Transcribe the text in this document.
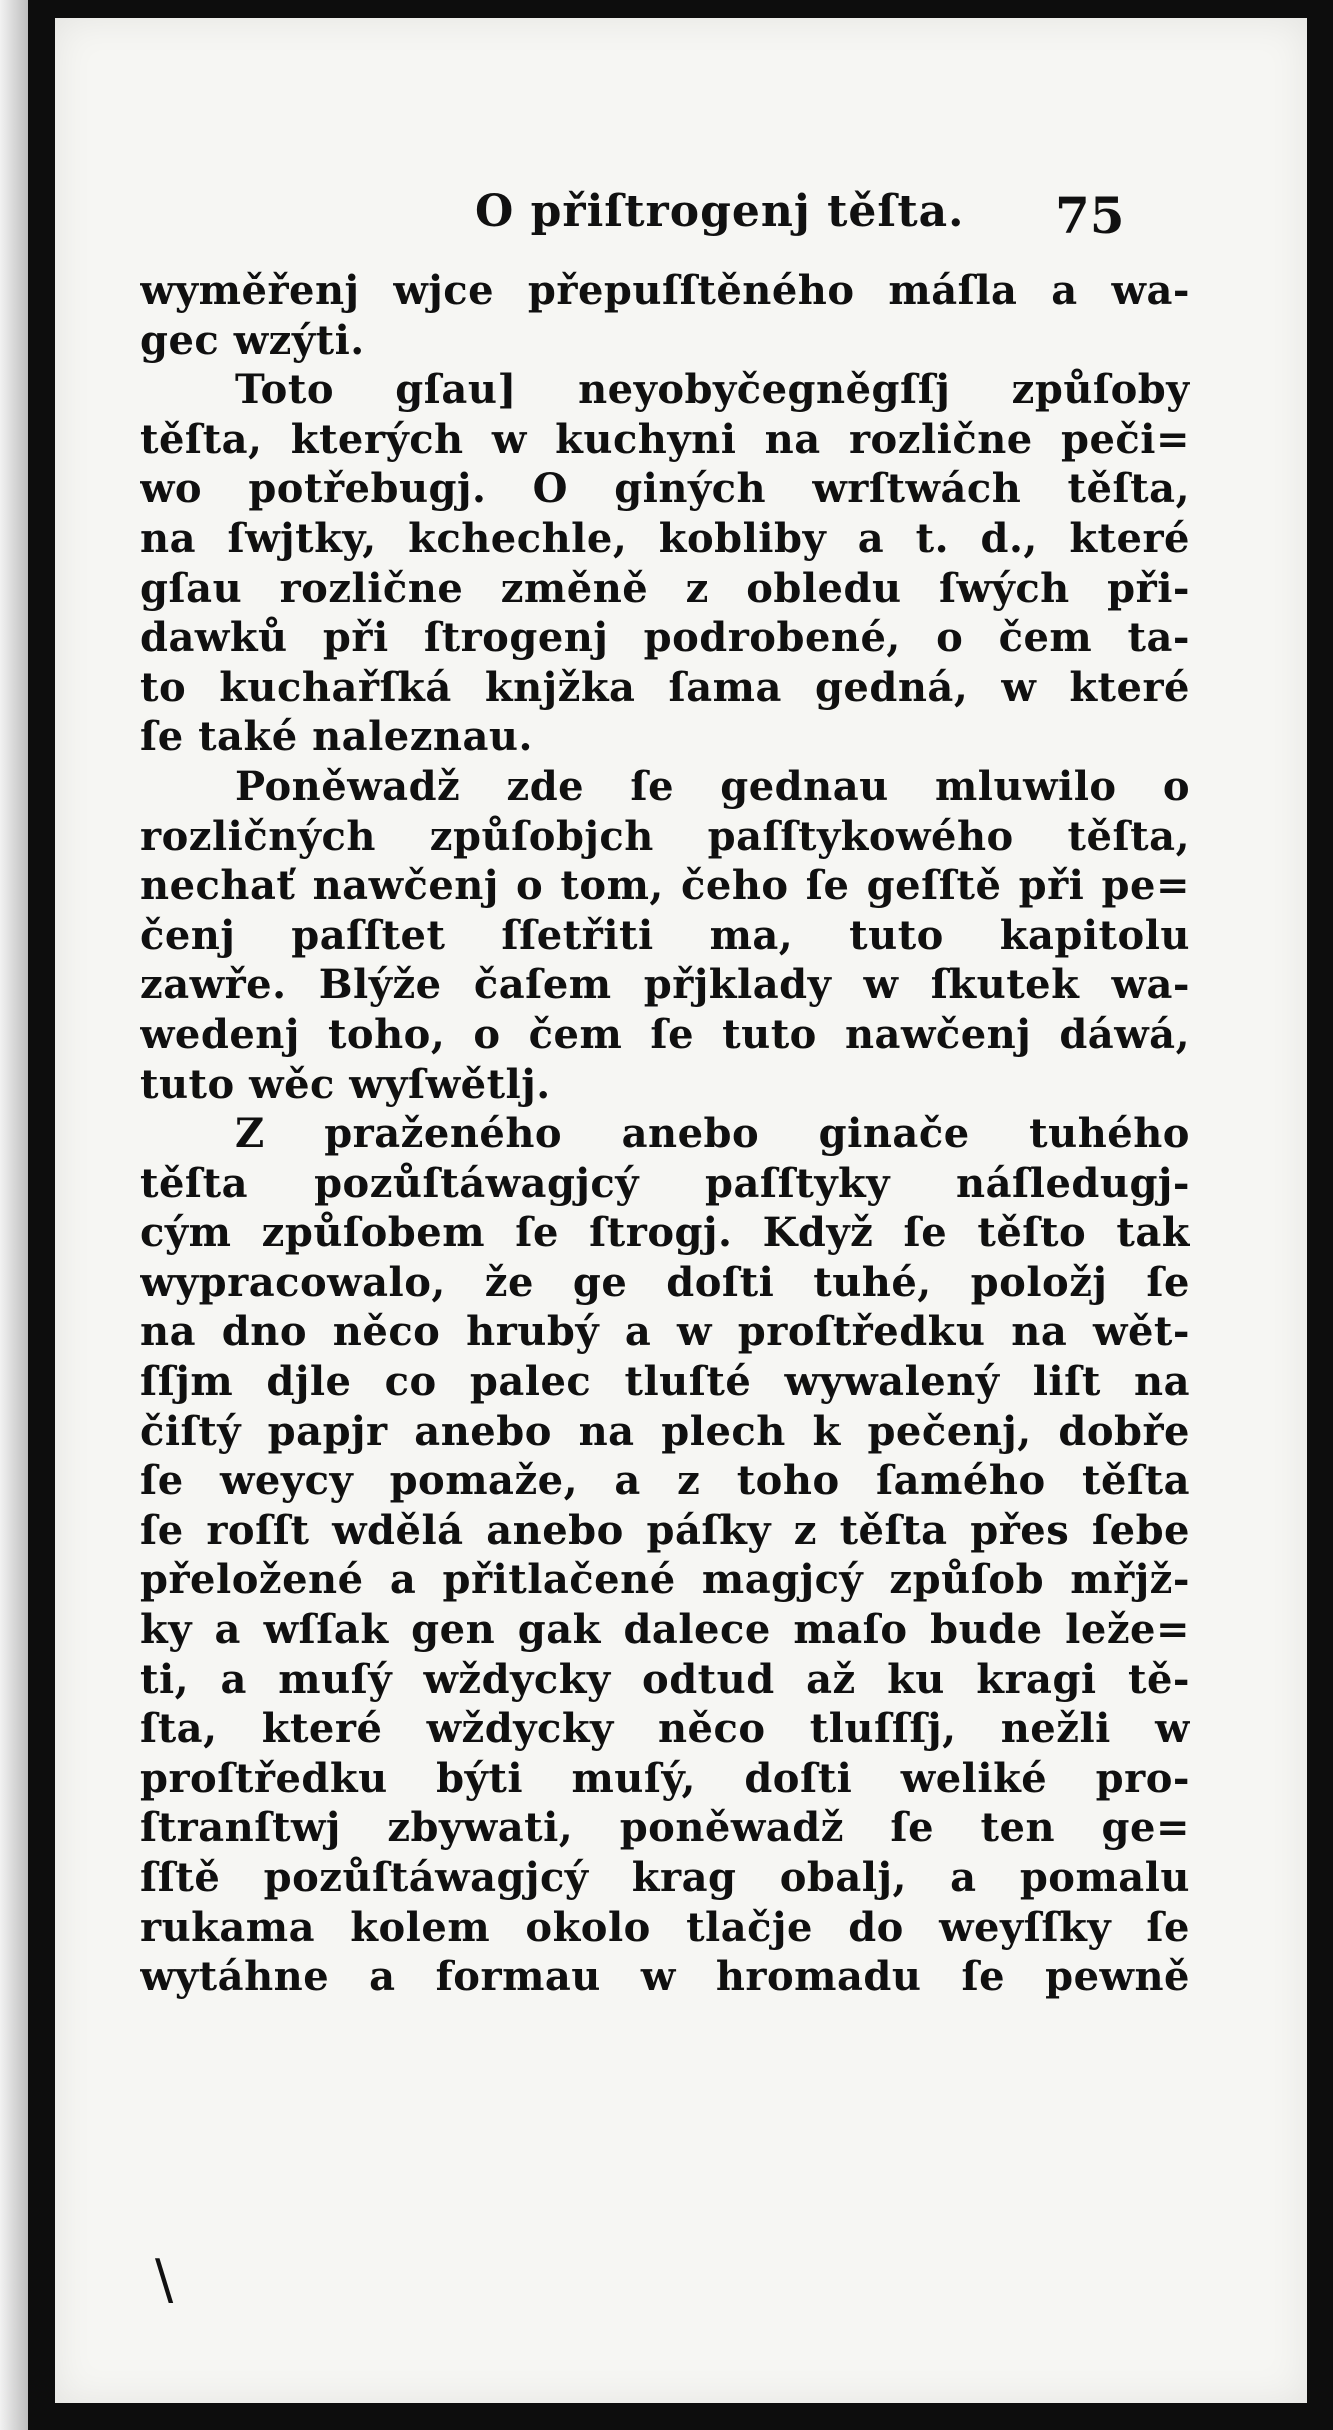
O přiſtrogenj těſta. 75
wyměřenj wjce přepuſſtěného máſla a wa-
gec wzýti.
Toto gſau] neyobyčegněgſſj způſoby
těſta, kterých w kuchyni na rozlične peči=
wo potřebugj. O giných wrſtwách těſta,
na ſwjtky, kchechle, kobliby a t. d., které
gſau rozlične změně z obledu ſwých při-
dawků při ſtrogenj podrobené, o čem ta-
to kuchařſká knjžka ſama gedná, w které
ſe také naleznau.
Poněwadž zde ſe gednau mluwilo o
rozličných způſobjch paſſtykowého těſta,
nechať nawčenj o tom, čeho ſe geſſtě při pe=
čenj paſſtet ſſetřiti ma, tuto kapitolu
zawře. Blýže čaſem přjklady w ſkutek wa-
wedenj toho, o čem ſe tuto nawčenj dáwá,
tuto wěc wyſwětlj.
Z praženého anebo ginače tuhého
těſta pozůſtáwagjcý paſſtyky náſledugj-
cým způſobem ſe ſtrogj. Když ſe těſto tak
wypracowalo, že ge doſti tuhé, položj ſe
na dno něco hrubý a w proſtředku na wět-
ſſjm djle co palec tluſté wywalený liſt na
čiſtý papjr anebo na plech k pečenj, dobře
ſe weycy pomaže, a z toho ſamého těſta
ſe roſſt wdělá anebo páſky z těſta přes ſebe
přeložené a přitlačené magjcý způſob mřjž-
ky a wſſak gen gak dalece maſo bude leže=
ti, a muſý wždycky odtud až ku kragi tě-
ſta, které wždycky něco tluſſſj, nežli w
proſtředku býti muſý, doſti weliké pro-
ſtranſtwj zbywati, poněwadž ſe ten ge=
ſſtě pozůſtáwagjcý krag obalj, a pomalu
rukama kolem okolo tlačje do weyſſky ſe
wytáhne a formau w hromadu ſe pewně
\
